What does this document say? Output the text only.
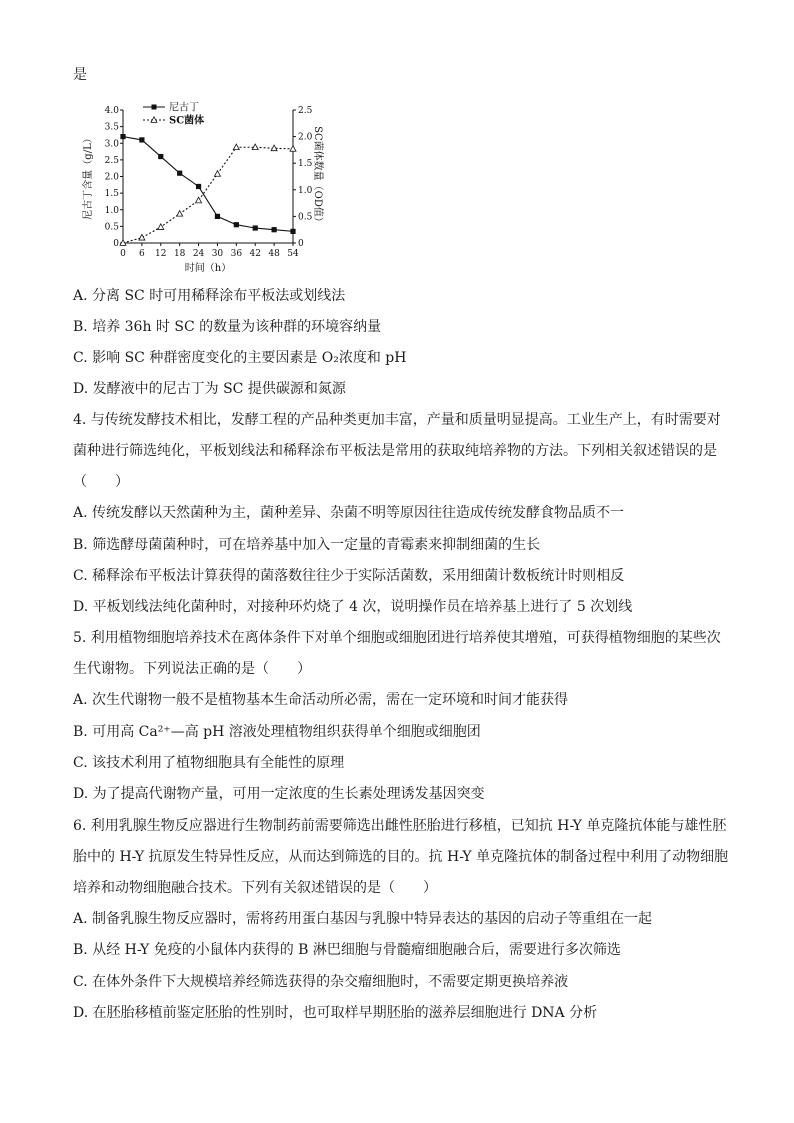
是
0
0.5
1.0
1.5
2.0
2.5
3.0
3.5
4.0
0
0.5
1.0
1.5
2.0
2.5
0 6 12 18 24 30 36 42 48 54
时间（h）
尼古丁含量（g/L）	SC菌体数量（OD值）
尼古丁
SC菌体
A. 分离 SC 时可用稀释涂布平板法或划线法
B. 培养 36h 时 SC 的数量为该种群的环境容纳量
C. 影响 SC 种群密度变化的主要因素是 O₂浓度和 pH
D. 发酵液中的尼古丁为 SC 提供碳源和氮源
4. 与传统发酵技术相比，发酵工程的产品种类更加丰富，产量和质量明显提高。工业生产上，有时需要对
菌种进行筛选纯化，平板划线法和稀释涂布平板法是常用的获取纯培养物的方法。下列相关叙述错误的是
（　　）
A. 传统发酵以天然菌种为主，菌种差异、杂菌不明等原因往往造成传统发酵食物品质不一
B. 筛选酵母菌菌种时，可在培养基中加入一定量的青霉素来抑制细菌的生长
C. 稀释涂布平板法计算获得的菌落数往往少于实际活菌数，采用细菌计数板统计时则相反
D. 平板划线法纯化菌种时，对接种环灼烧了 4 次，说明操作员在培养基上进行了 5 次划线
5. 利用植物细胞培养技术在离体条件下对单个细胞或细胞团进行培养使其增殖，可获得植物细胞的某些次
生代谢物。下列说法正确的是（　　）
A. 次生代谢物一般不是植物基本生命活动所必需，需在一定环境和时间才能获得
B. 可用高 Ca²⁺—高 pH 溶液处理植物组织获得单个细胞或细胞团
C. 该技术利用了植物细胞具有全能性的原理
D. 为了提高代谢物产量，可用一定浓度的生长素处理诱发基因突变
6. 利用乳腺生物反应器进行生物制药前需要筛选出雌性胚胎进行移植，已知抗 H-Y 单克隆抗体能与雄性胚
胎中的 H-Y 抗原发生特异性反应，从而达到筛选的目的。抗 H-Y 单克隆抗体的制备过程中利用了动物细胞
培养和动物细胞融合技术。下列有关叙述错误的是（　　）
A. 制备乳腺生物反应器时，需将药用蛋白基因与乳腺中特异表达的基因的启动子等重组在一起
B. 从经 H-Y 免疫的小鼠体内获得的 B 淋巴细胞与骨髓瘤细胞融合后，需要进行多次筛选
C. 在体外条件下大规模培养经筛选获得的杂交瘤细胞时，不需要定期更换培养液
D. 在胚胎移植前鉴定胚胎的性别时，也可取样早期胚胎的滋养层细胞进行 DNA 分析
